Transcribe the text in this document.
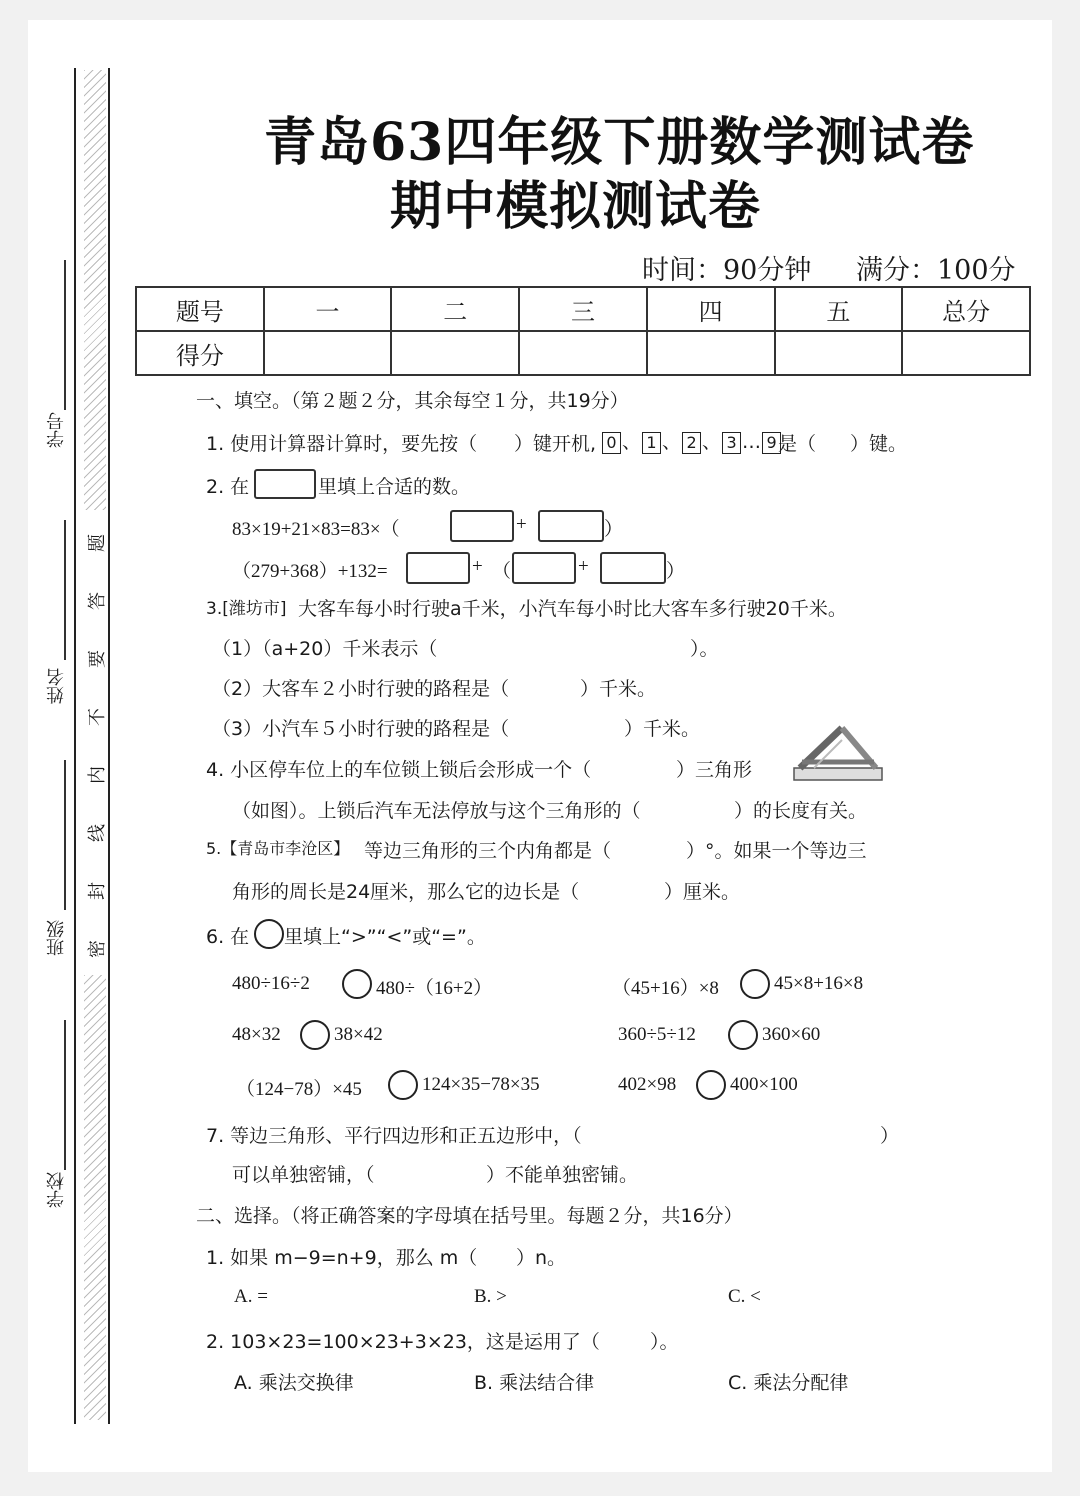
学号
姓名
班级
学校
题
答
要
不
内
线
封
密
青岛63四年级下册数学测试卷
期中模拟测试卷
时间：90分钟 满分：100分
题号	一	二	三	四	五	总分
得分						
一、填空。（第２题２分，其余每空１分，共19分）
1. 使用计算器计算时，要先按（ ）键开机, 0 、 1 、 2 、 3 … 9 是（ ）键。
2. 在	里填上合适的数。
83×19+21×83=83×（	+	）
（279+368）+132=	+ （	+	）
3.[潍坊市] 大客车每小时行驶a千米，小汽车每小时比大客车多行驶20千米。
（1）（a+20）千米表示（	）。
（2）大客车２小时行驶的路程是（	）千米。
（3）小汽车５小时行驶的路程是（	）千米。
4. 小区停车位上的车位锁上锁后会形成一个（	）三角形
（如图）。上锁后汽车无法停放与这个三角形的（	）的长度有关。
5.【青岛市李沧区】 等边三角形的三个内角都是（	）°。如果一个等边三
角形的周长是24厘米，那么它的边长是（	）厘米。
6. 在 里填上“>”“<”或“=”。
480÷16÷2	480÷（16+2）	（45+16）×8	45×8+16×8
48×32	38×42	360÷5÷12	360×60
（124−78）×45	124×35−78×35	402×98	400×100
7. 等边三角形、平行四边形和正五边形中，（	）
可以单独密铺，（	）不能单独密铺。
二、选择。（将正确答案的字母填在括号里。每题２分，共16分）
1. 如果 m−9=n+9，那么 m（ ）n。
A. =	B. >	C. <
2. 103×23=100×23+3×23，这是运用了（	）。
A. 乘法交换律	B. 乘法结合律	C. 乘法分配律
